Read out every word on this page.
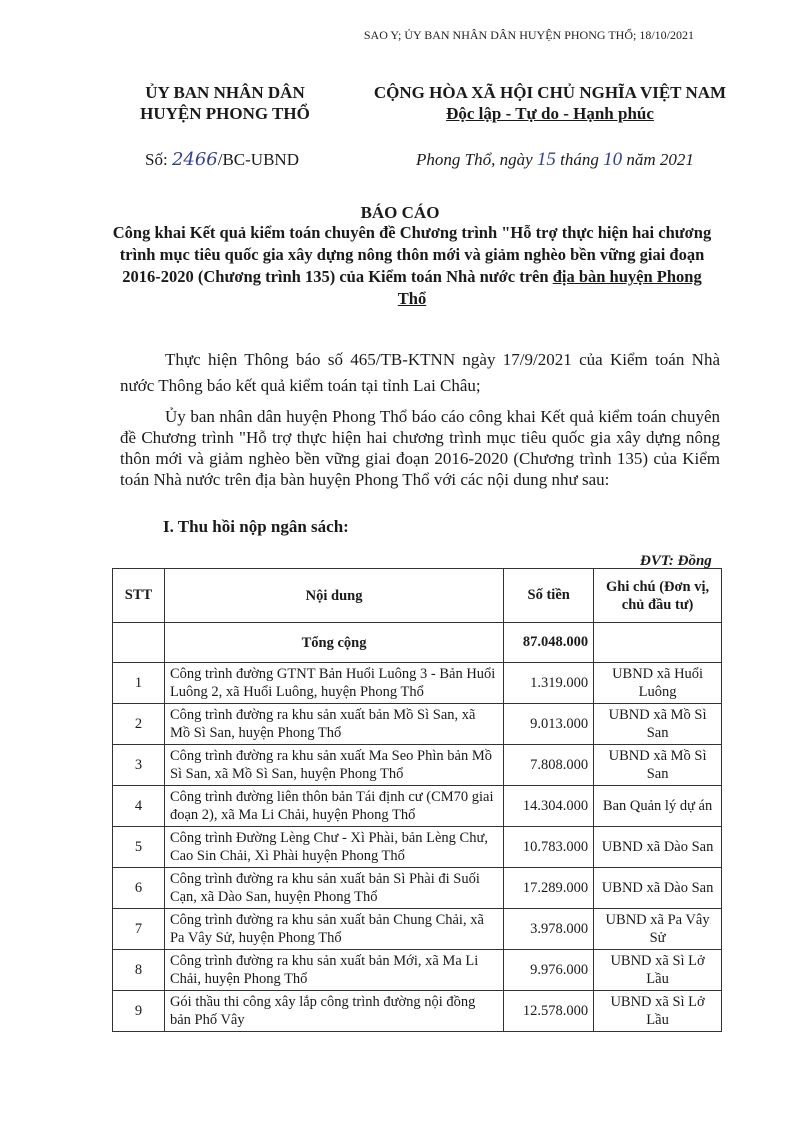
SAO Y; ỦY BAN NHÂN DÂN HUYỆN PHONG THỔ; 18/10/2021
ỦY BAN NHÂN DÂN
HUYỆN PHONG THỔ
CỘNG HÒA XÃ HỘI CHỦ NGHĨA VIỆT NAM
Độc lập - Tự do - Hạnh phúc
Số: 2466/BC-UBND	Phong Thổ, ngày 15 tháng 10 năm 2021
BÁO CÁO
Công khai Kết quả kiểm toán chuyên đề Chương trình "Hỗ trợ thực hiện hai chương trình mục tiêu quốc gia xây dựng nông thôn mới và giảm nghèo bền vững giai đoạn 2016-2020 (Chương trình 135) của Kiểm toán Nhà nước trên địa bàn huyện Phong Thổ
Thực hiện Thông báo số 465/TB-KTNN ngày 17/9/2021 của Kiểm toán Nhà nước Thông báo kết quả kiểm toán tại tỉnh Lai Châu;
Ủy ban nhân dân huyện Phong Thổ báo cáo công khai Kết quả kiểm toán chuyên đề Chương trình "Hỗ trợ thực hiện hai chương trình mục tiêu quốc gia xây dựng nông thôn mới và giảm nghèo bền vững giai đoạn 2016-2020 (Chương trình 135) của Kiểm toán Nhà nước trên địa bàn huyện Phong Thổ với các nội dung như sau:
I. Thu hồi nộp ngân sách:
ĐVT: Đồng
STT	Nội dung	Số tiền	Ghi chú (Đơn vị, chủ đầu tư)
	Tổng cộng	87.048.000	
1	Công trình đường GTNT Bản Huổi Luông 3 - Bản Huổi Luông 2, xã Huổi Luông, huyện Phong Thổ	1.319.000	UBND xã Huổi Luông
2	Công trình đường ra khu sản xuất bản Mồ Sì San, xã Mồ Sì San, huyện Phong Thổ	9.013.000	UBND xã Mồ Sì San
3	Công trình đường ra khu sản xuất Ma Seo Phìn bản Mồ Sì San, xã Mồ Sì San, huyện Phong Thổ	7.808.000	UBND xã Mồ Sì San
4	Công trình đường liên thôn bản Tái định cư (CM70 giai đoạn 2), xã Ma Li Chải, huyện Phong Thổ	14.304.000	Ban Quản lý dự án
5	Công trình Đường Lèng Chư - Xì Phài, bản Lèng Chư, Cao Sin Chải, Xì Phài huyện Phong Thổ	10.783.000	UBND xã Dào San
6	Công trình đường ra khu sản xuất bản Sì Phài đi Suối Cạn, xã Dào San, huyện Phong Thổ	17.289.000	UBND xã Dào San
7	Công trình đường ra khu sản xuất bản Chung Chải, xã Pa Vây Sử, huyện Phong Thổ	3.978.000	UBND xã Pa Vây Sử
8	Công trình đường ra khu sản xuất bản Mới, xã Ma Li Chải, huyện Phong Thổ	9.976.000	UBND xã Sì Lở Lầu
9	Gói thầu thi công xây lắp công trình đường nội đồng bản Phố Vây	12.578.000	UBND xã Sì Lở Lầu
